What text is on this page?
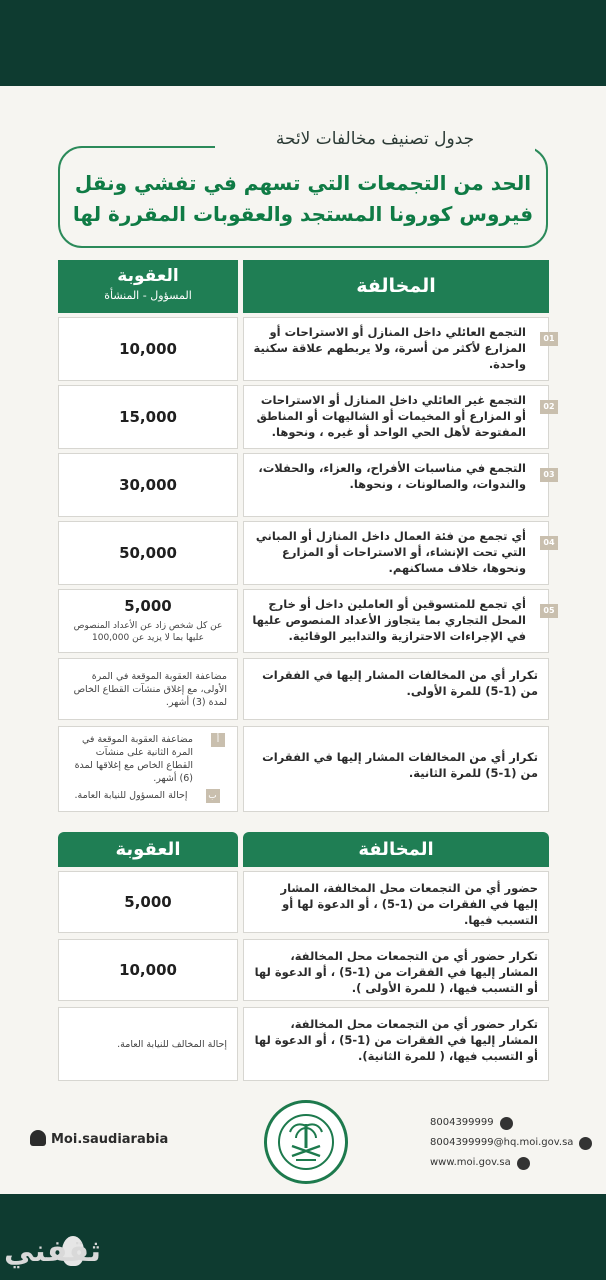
جدول تصنيف مخالفات لائحة
الحد من التجمعات التي تسهم في تفشي ونقل
فيروس كورونا المستجد والعقوبات المقررة لها
المخالفة
العقوبة
المسؤول - المنشأة
01
التجمع العائلي داخل المنازل أو الاستراحات أو المزارع لأكثر من أسرة، ولا يربطهم علاقة سكنية واحدة.
10,000
02
التجمع غير العائلي داخل المنازل أو الاستراحات أو المزارع أو المخيمات أو الشاليهات أو المناطق المفتوحة لأهل الحي الواحد أو غيره ، ونحوها.
15,000
03
التجمع في مناسبات الأفراح، والعزاء، والحفلات، والندوات، والصالونات ، ونحوها.
30,000
04
أي تجمع من فئة العمال داخل المنازل أو المباني التي تحت الإنشاء، أو الاستراحات أو المزارع ونحوها، خلاف مساكنهم.
50,000
05
أي تجمع للمتسوقين أو العاملين داخل أو خارج المحل التجاري بما يتجاوز الأعداد المنصوص عليها في الإجراءات الاحترازية والتدابير الوقائية.
5,000
عن كل شخص زاد عن الأعداد المنصوص عليها بما لا يزيد عن 100,000
تكرار أي من المخالفات المشار إليها في الفقرات من (1-5) للمرة الأولى.
مضاعفة العقوبة الموقعة في المرة الأولى، مع إغلاق منشآت القطاع الخاص لمدة (3) أشهر.
تكرار أي من المخالفات المشار إليها في الفقرات من (1-5) للمرة الثانية.
أ
مضاعفة العقوبة الموقعة في المرة الثانية على منشآت القطاع الخاص مع إغلاقها لمدة (6) أشهر.
ب
إحالة المسؤول للنيابة العامة.
المخالفة
العقوبة
حضور أي من التجمعات محل المخالفة، المشار إليها في الفقرات من (1-5) ، أو الدعوة لها أو التسبب فيها.
5,000
تكرار حضور أي من التجمعات محل المخالفة، المشار إليها في الفقرات من (1-5) ، أو الدعوة لها أو التسبب فيها، ( للمرة الأولى ).
10,000
تكرار حضور أي من التجمعات محل المخالفة، المشار إليها في الفقرات من (1-5) ، أو الدعوة لها أو التسبب فيها، ( للمرة الثانية).
إحالة المخالف للنيابة العامة.
Moi.saudiarabia
8004399999
8004399999@hq.moi.gov.sa
www.moi.gov.sa
ثقفني
